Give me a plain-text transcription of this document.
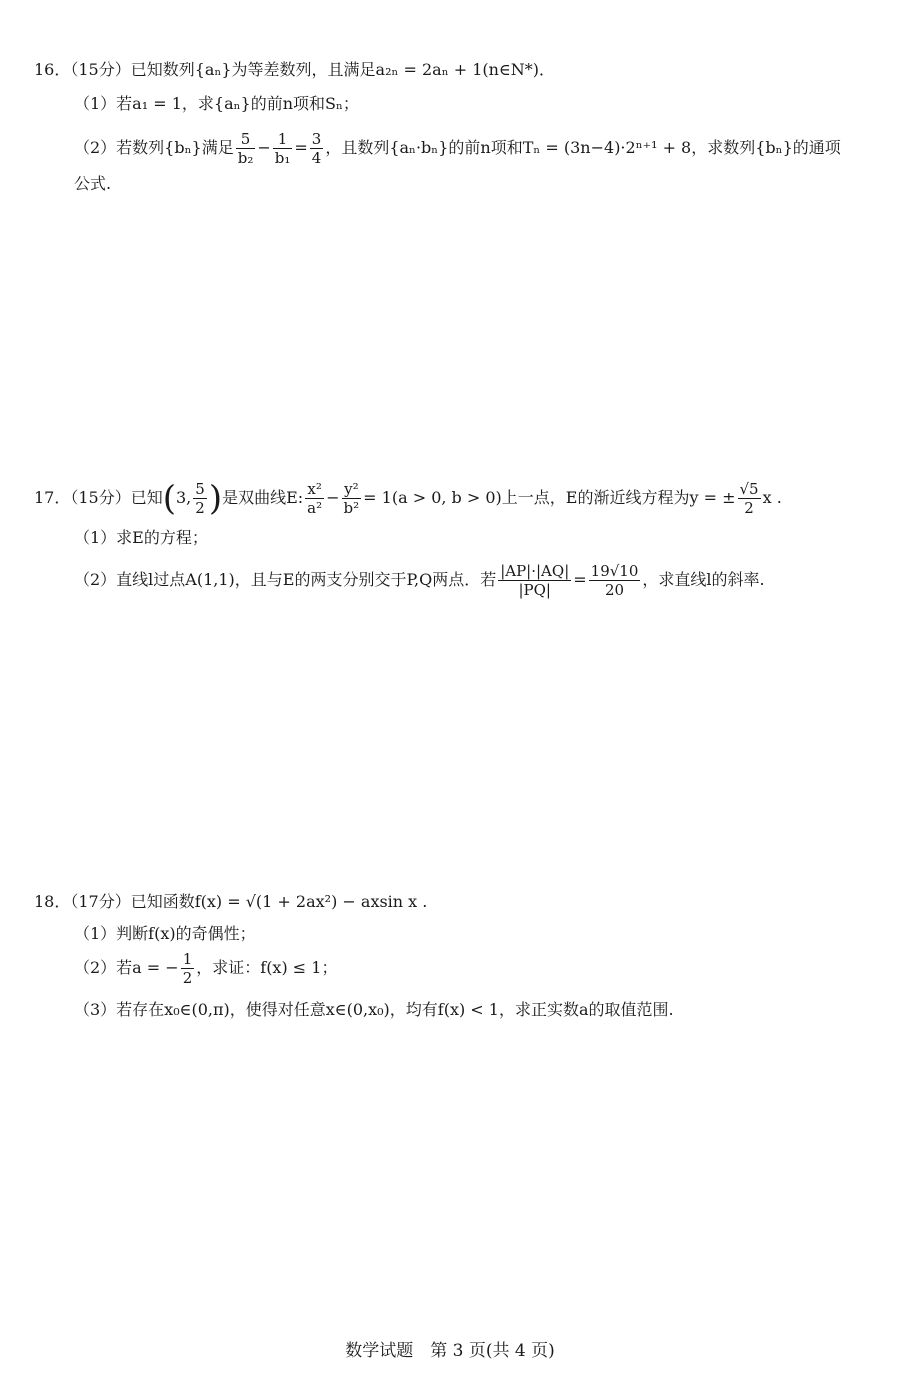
16．（15分）已知数列{aₙ}为等差数列，且满足a₂ₙ = 2aₙ + 1(n∈N*)．
（1）若a₁ = 1，求{aₙ}的前n项和Sₙ；
（2）若数列{bₙ}满足 $\frac{5}{\text{b₂}} - \frac{1}{\text{b₁}} = \frac{3}{4}$ ，且数列{aₙ·bₙ}的前n项和Tₙ = (3n−4)·2ⁿ⁺¹ + 8，求数列{bₙ}的通项
公式.
17．（15分）已知(3, $\frac{5}{2}$ )是双曲线E: $\frac{\text{x²}}{\text{a²}} - \frac{\text{y²}}{\text{b²}} = 1(a > 0$, b > 0)上一点，E的渐近线方程为y = ± $\frac{√5}{2}$ x .
（1）求E的方程；
（2）直线l过点A(1,1)，且与E的两支分别交于P,Q两点．若 $\frac{|AP|\cdot|AQ|}{|PQ|} = \frac{19√10}{20}$ ，求直线l的斜率.
18．（17分）已知函数f(x) = √(1 + 2ax²) − axsin x .
（1）判断f(x)的奇偶性；
（2）若a = − $\frac{1}{2}$ ，求证：f(x) ≤ 1；
（3）若存在x₀∈(0,π)，使得对任意x∈(0,x₀)，均有f(x) < 1，求正实数a的取值范围.
数学试题　第 3 页(共 4 页)
